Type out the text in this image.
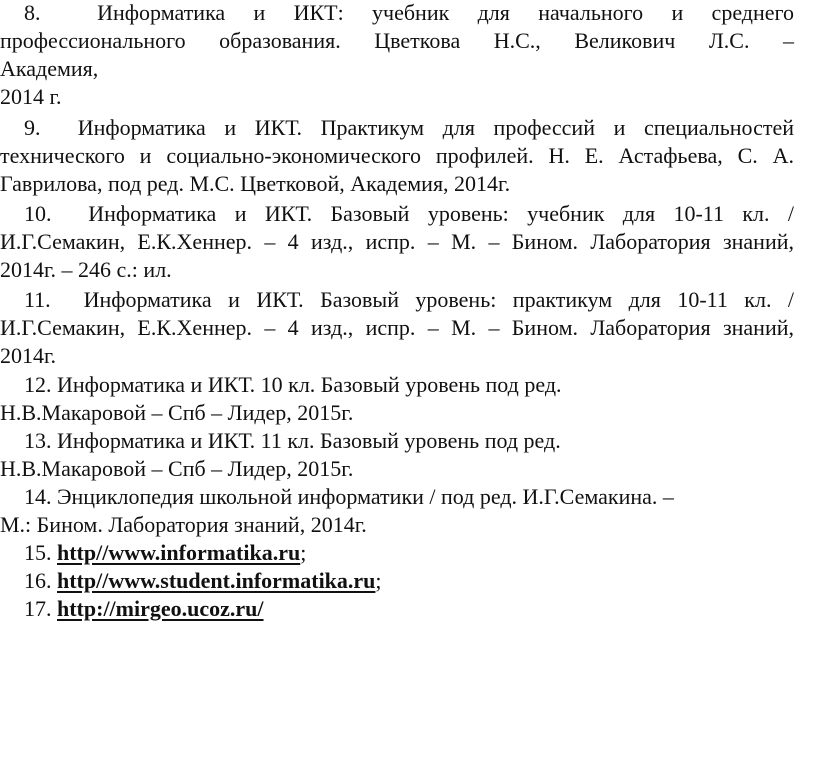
8.	Информатика и ИКТ: учебник для начального и среднего
профессионального образования. Цветкова Н.С., Великович Л.С. –
Академия,
2014 г.
9. Информатика и ИКТ. Практикум для профессий и специальностей
технического и социально-экономического профилей. Н. Е. Астафьева, С. А.
Гаврилова, под ред. М.С. Цветковой, Академия, 2014г.
10. Информатика и ИКТ. Базовый уровень: учебник для 10-11 кл. /
И.Г.Семакин, Е.К.Хеннер. – 4 изд., испр. – М. – Бином. Лаборатория знаний,
2014г. – 246 с.: ил.
11. Информатика и ИКТ. Базовый уровень: практикум для 10-11 кл. /
И.Г.Семакин, Е.К.Хеннер. – 4 изд., испр. – М. – Бином. Лаборатория знаний,
2014г.
12. Информатика и ИКТ. 10 кл. Базовый уровень под ред.
Н.В.Макаровой – Спб – Лидер, 2015г.
13. Информатика и ИКТ. 11 кл. Базовый уровень под ред.
Н.В.Макаровой – Спб – Лидер, 2015г.
14. Энциклопедия школьной информатики / под ред. И.Г.Семакина. –
М.: Бином. Лаборатория знаний, 2014г.
15. http//www.informatika.ru;
16. http//www.student.informatika.ru;
17. http://mirgeo.ucoz.ru/
